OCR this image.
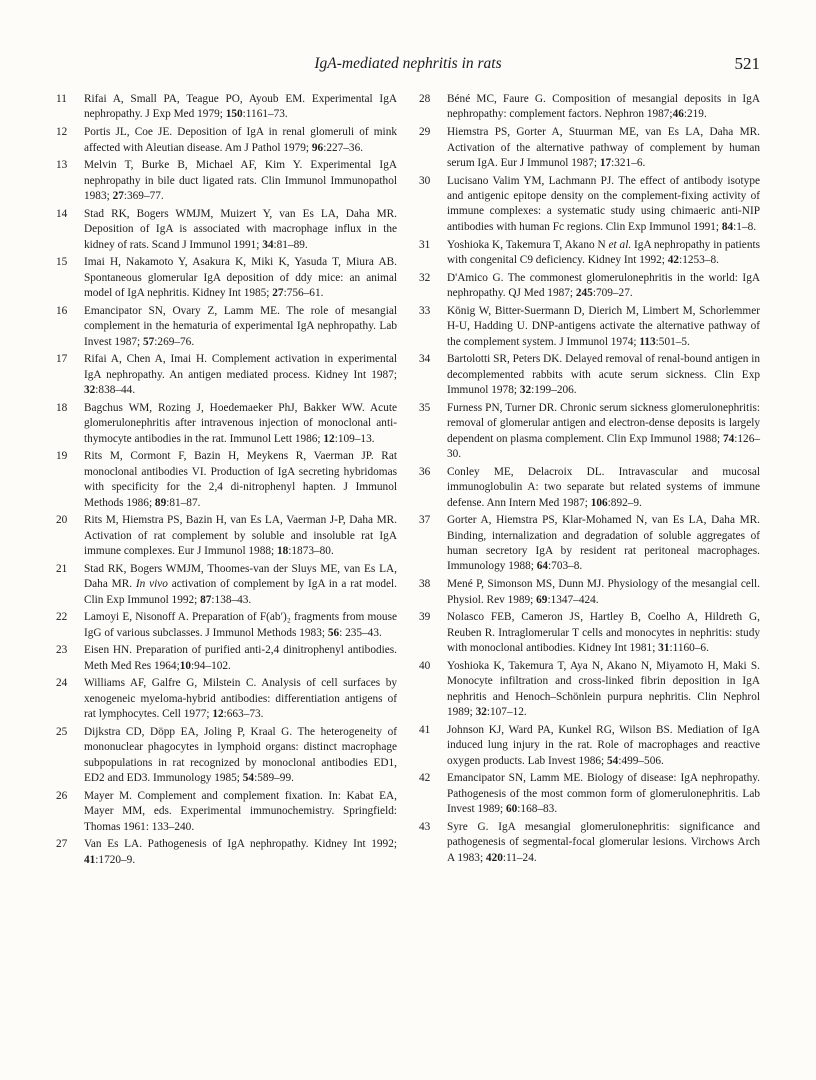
IgA-mediated nephritis in rats	521
11 Rifai A, Small PA, Teague PO, Ayoub EM. Experimental IgA nephropathy. J Exp Med 1979; 150:1161–73.
12 Portis JL, Coe JE. Deposition of IgA in renal glomeruli of mink affected with Aleutian disease. Am J Pathol 1979; 96:227–36.
13 Melvin T, Burke B, Michael AF, Kim Y. Experimental IgA nephropathy in bile duct ligated rats. Clin Immunol Immunopathol 1983; 27:369–77.
14 Stad RK, Bogers WMJM, Muizert Y, van Es LA, Daha MR. Deposition of IgA is associated with macrophage influx in the kidney of rats. Scand J Immunol 1991; 34:81–89.
15 Imai H, Nakamoto Y, Asakura K, Miki K, Yasuda T, Miura AB. Spontaneous glomerular IgA deposition of ddy mice: an animal model of IgA nephritis. Kidney Int 1985; 27:756–61.
16 Emancipator SN, Ovary Z, Lamm ME. The role of mesangial complement in the hematuria of experimental IgA nephropathy. Lab Invest 1987; 57:269–76.
17 Rifai A, Chen A, Imai H. Complement activation in experimental IgA nephropathy. An antigen mediated process. Kidney Int 1987; 32:838–44.
18 Bagchus WM, Rozing J, Hoedemaeker PhJ, Bakker WW. Acute glomerulonephritis after intravenous injection of monoclonal anti-thymocyte antibodies in the rat. Immunol Lett 1986; 12:109–13.
19 Rits M, Cormont F, Bazin H, Meykens R, Vaerman JP. Rat monoclonal antibodies VI. Production of IgA secreting hybridomas with specificity for the 2,4 di-nitrophenyl hapten. J Immunol Methods 1986; 89:81–87.
20 Rits M, Hiemstra PS, Bazin H, van Es LA, Vaerman J-P, Daha MR. Activation of rat complement by soluble and insoluble rat IgA immune complexes. Eur J Immunol 1988; 18:1873–80.
21 Stad RK, Bogers WMJM, Thoomes-van der Sluys ME, van Es LA, Daha MR. In vivo activation of complement by IgA in a rat model. Clin Exp Immunol 1992; 87:138–43.
22 Lamoyi E, Nisonoff A. Preparation of F(ab′)₂ fragments from mouse IgG of various subclasses. J Immunol Methods 1983; 56: 235–43.
23 Eisen HN. Preparation of purified anti-2,4 dinitrophenyl antibodies. Meth Med Res 1964;10:94–102.
24 Williams AF, Galfre G, Milstein C. Analysis of cell surfaces by xenogeneic myeloma-hybrid antibodies: differentiation antigens of rat lymphocytes. Cell 1977; 12:663–73.
25 Dijkstra CD, Döpp EA, Joling P, Kraal G. The heterogeneity of mononuclear phagocytes in lymphoid organs: distinct macrophage subpopulations in rat recognized by monoclonal antibodies ED1, ED2 and ED3. Immunology 1985; 54:589–99.
26 Mayer M. Complement and complement fixation. In: Kabat EA, Mayer MM, eds. Experimental immunochemistry. Springfield: Thomas 1961: 133–240.
27 Van Es LA. Pathogenesis of IgA nephropathy. Kidney Int 1992; 41:1720–9.
28 Béné MC, Faure G. Composition of mesangial deposits in IgA nephropathy: complement factors. Nephron 1987;46:219.
29 Hiemstra PS, Gorter A, Stuurman ME, van Es LA, Daha MR. Activation of the alternative pathway of complement by human serum IgA. Eur J Immunol 1987; 17:321–6.
30 Lucisano Valim YM, Lachmann PJ. The effect of antibody isotype and antigenic epitope density on the complement-fixing activity of immune complexes: a systematic study using chimaeric anti-NIP antibodies with human Fc regions. Clin Exp Immunol 1991; 84:1–8.
31 Yoshioka K, Takemura T, Akano N et al. IgA nephropathy in patients with congenital C9 deficiency. Kidney Int 1992; 42:1253–8.
32 D'Amico G. The commonest glomerulonephritis in the world: IgA nephropathy. QJ Med 1987; 245:709–27.
33 König W, Bitter-Suermann D, Dierich M, Limbert M, Schorlemmer H-U, Hadding U. DNP-antigens activate the alternative pathway of the complement system. J Immunol 1974; 113:501–5.
34 Bartolotti SR, Peters DK. Delayed removal of renal-bound antigen in decomplemented rabbits with acute serum sickness. Clin Exp Immunol 1978; 32:199–206.
35 Furness PN, Turner DR. Chronic serum sickness glomerulonephritis: removal of glomerular antigen and electron-dense deposits is largely dependent on plasma complement. Clin Exp Immunol 1988; 74:126–30.
36 Conley ME, Delacroix DL. Intravascular and mucosal immunoglobulin A: two separate but related systems of immune defense. Ann Intern Med 1987; 106:892–9.
37 Gorter A, Hiemstra PS, Klar-Mohamed N, van Es LA, Daha MR. Binding, internalization and degradation of soluble aggregates of human secretory IgA by resident rat peritoneal macrophages. Immunology 1988; 64:703–8.
38 Mené P, Simonson MS, Dunn MJ. Physiology of the mesangial cell. Physiol. Rev 1989; 69:1347–424.
39 Nolasco FEB, Cameron JS, Hartley B, Coelho A, Hildreth G, Reuben R. Intraglomerular T cells and monocytes in nephritis: study with monoclonal antibodies. Kidney Int 1981; 31:1160–6.
40 Yoshioka K, Takemura T, Aya N, Akano N, Miyamoto H, Maki S. Monocyte infiltration and cross-linked fibrin deposition in IgA nephritis and Henoch–Schönlein purpura nephritis. Clin Nephrol 1989; 32:107–12.
41 Johnson KJ, Ward PA, Kunkel RG, Wilson BS. Mediation of IgA induced lung injury in the rat. Role of macrophages and reactive oxygen products. Lab Invest 1986; 54:499–506.
42 Emancipator SN, Lamm ME. Biology of disease: IgA nephropathy. Pathogenesis of the most common form of glomerulonephritis. Lab Invest 1989; 60:168–83.
43 Syre G. IgA mesangial glomerulonephritis: significance and pathogenesis of segmental-focal glomerular lesions. Virchows Arch A 1983; 420:11–24.
